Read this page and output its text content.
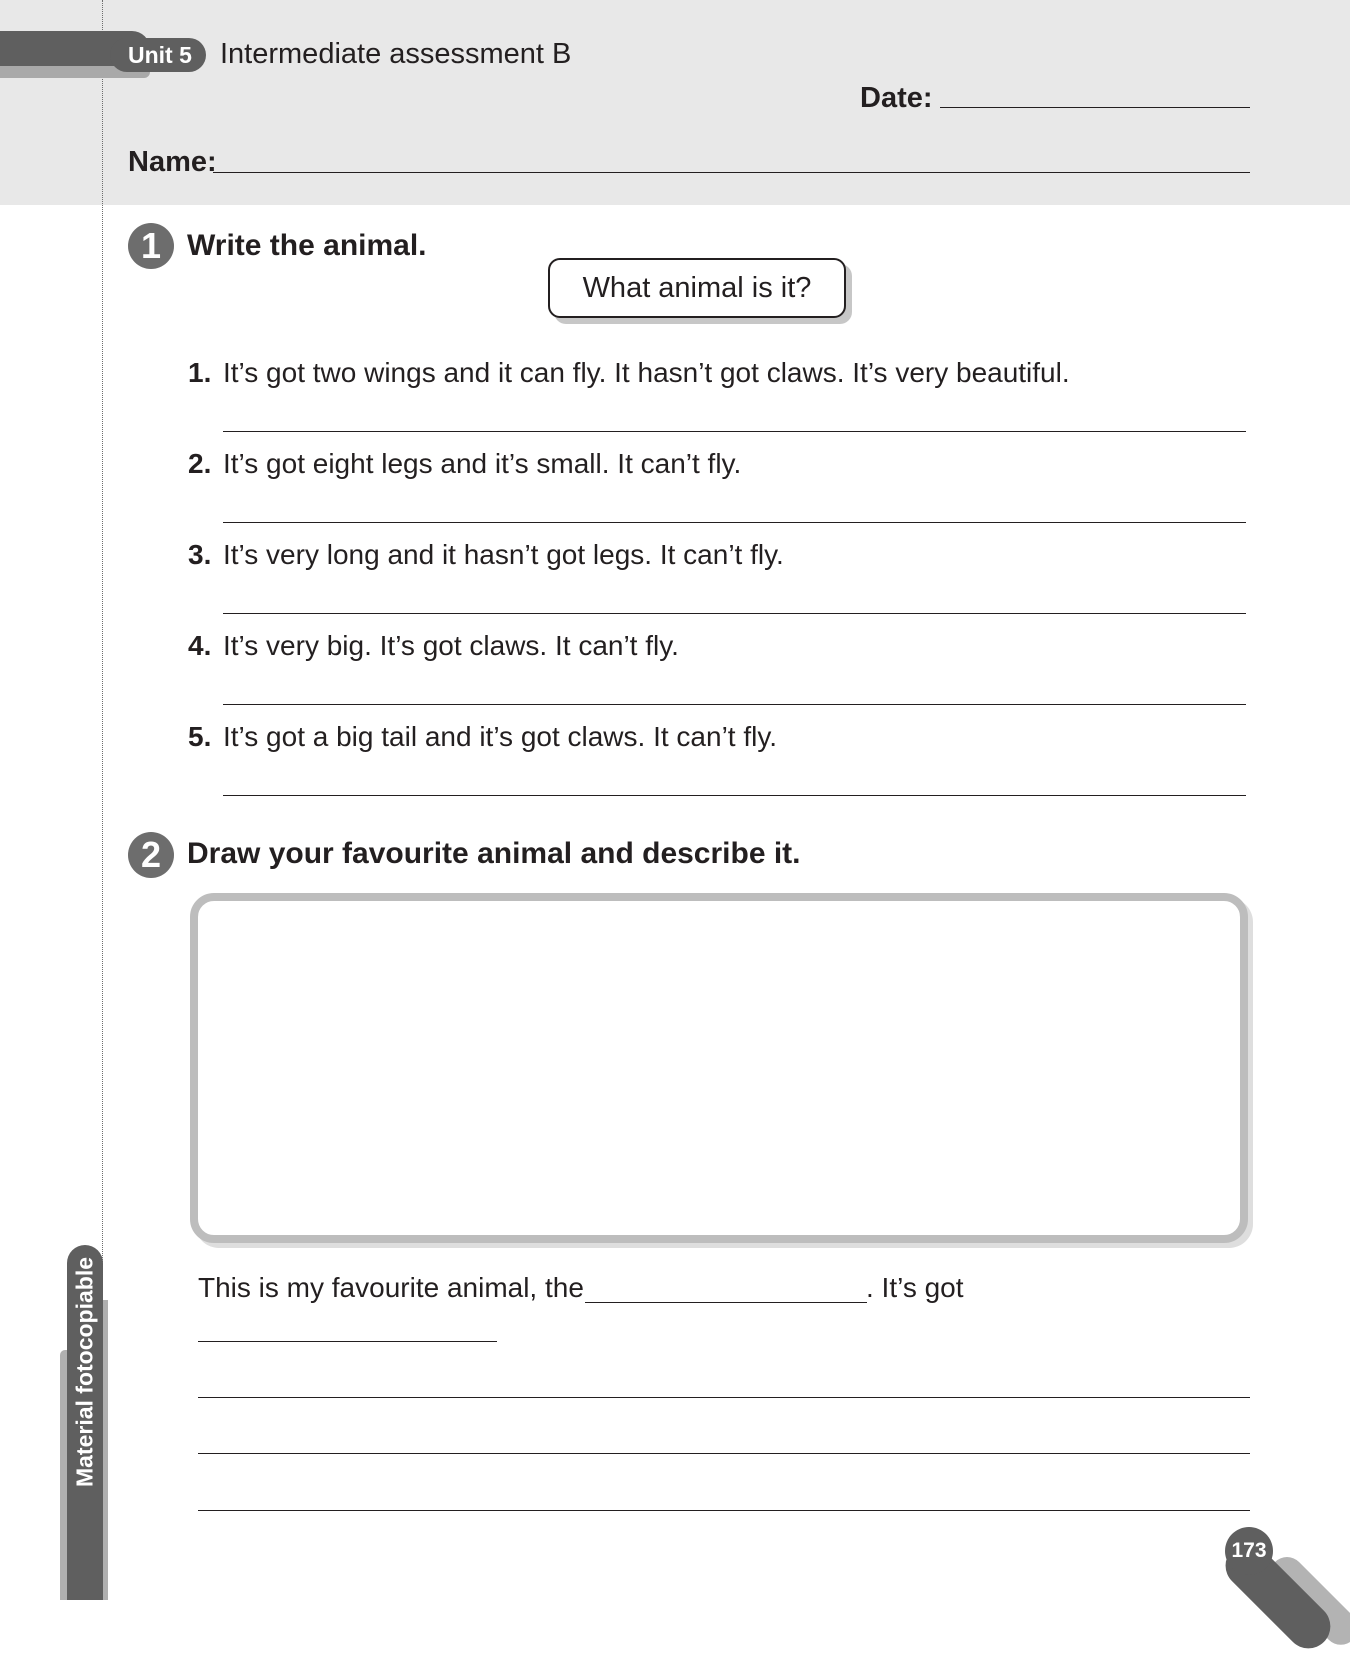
Unit 5 Intermediate assessment B
Date:
Name:
1 Write the animal.
What animal is it?
1. It’s got two wings and it can fly. It hasn’t got claws. It’s very beautiful.
2. It’s got eight legs and it’s small. It can’t fly.
3. It’s very long and it hasn’t got legs. It can’t fly.
4. It’s very big. It’s got claws. It can’t fly.
5. It’s got a big tail and it’s got claws. It can’t fly.
2 Draw your favourite animal and describe it.
This is my favourite animal, the	. It’s got
Material fotocopiable
173
